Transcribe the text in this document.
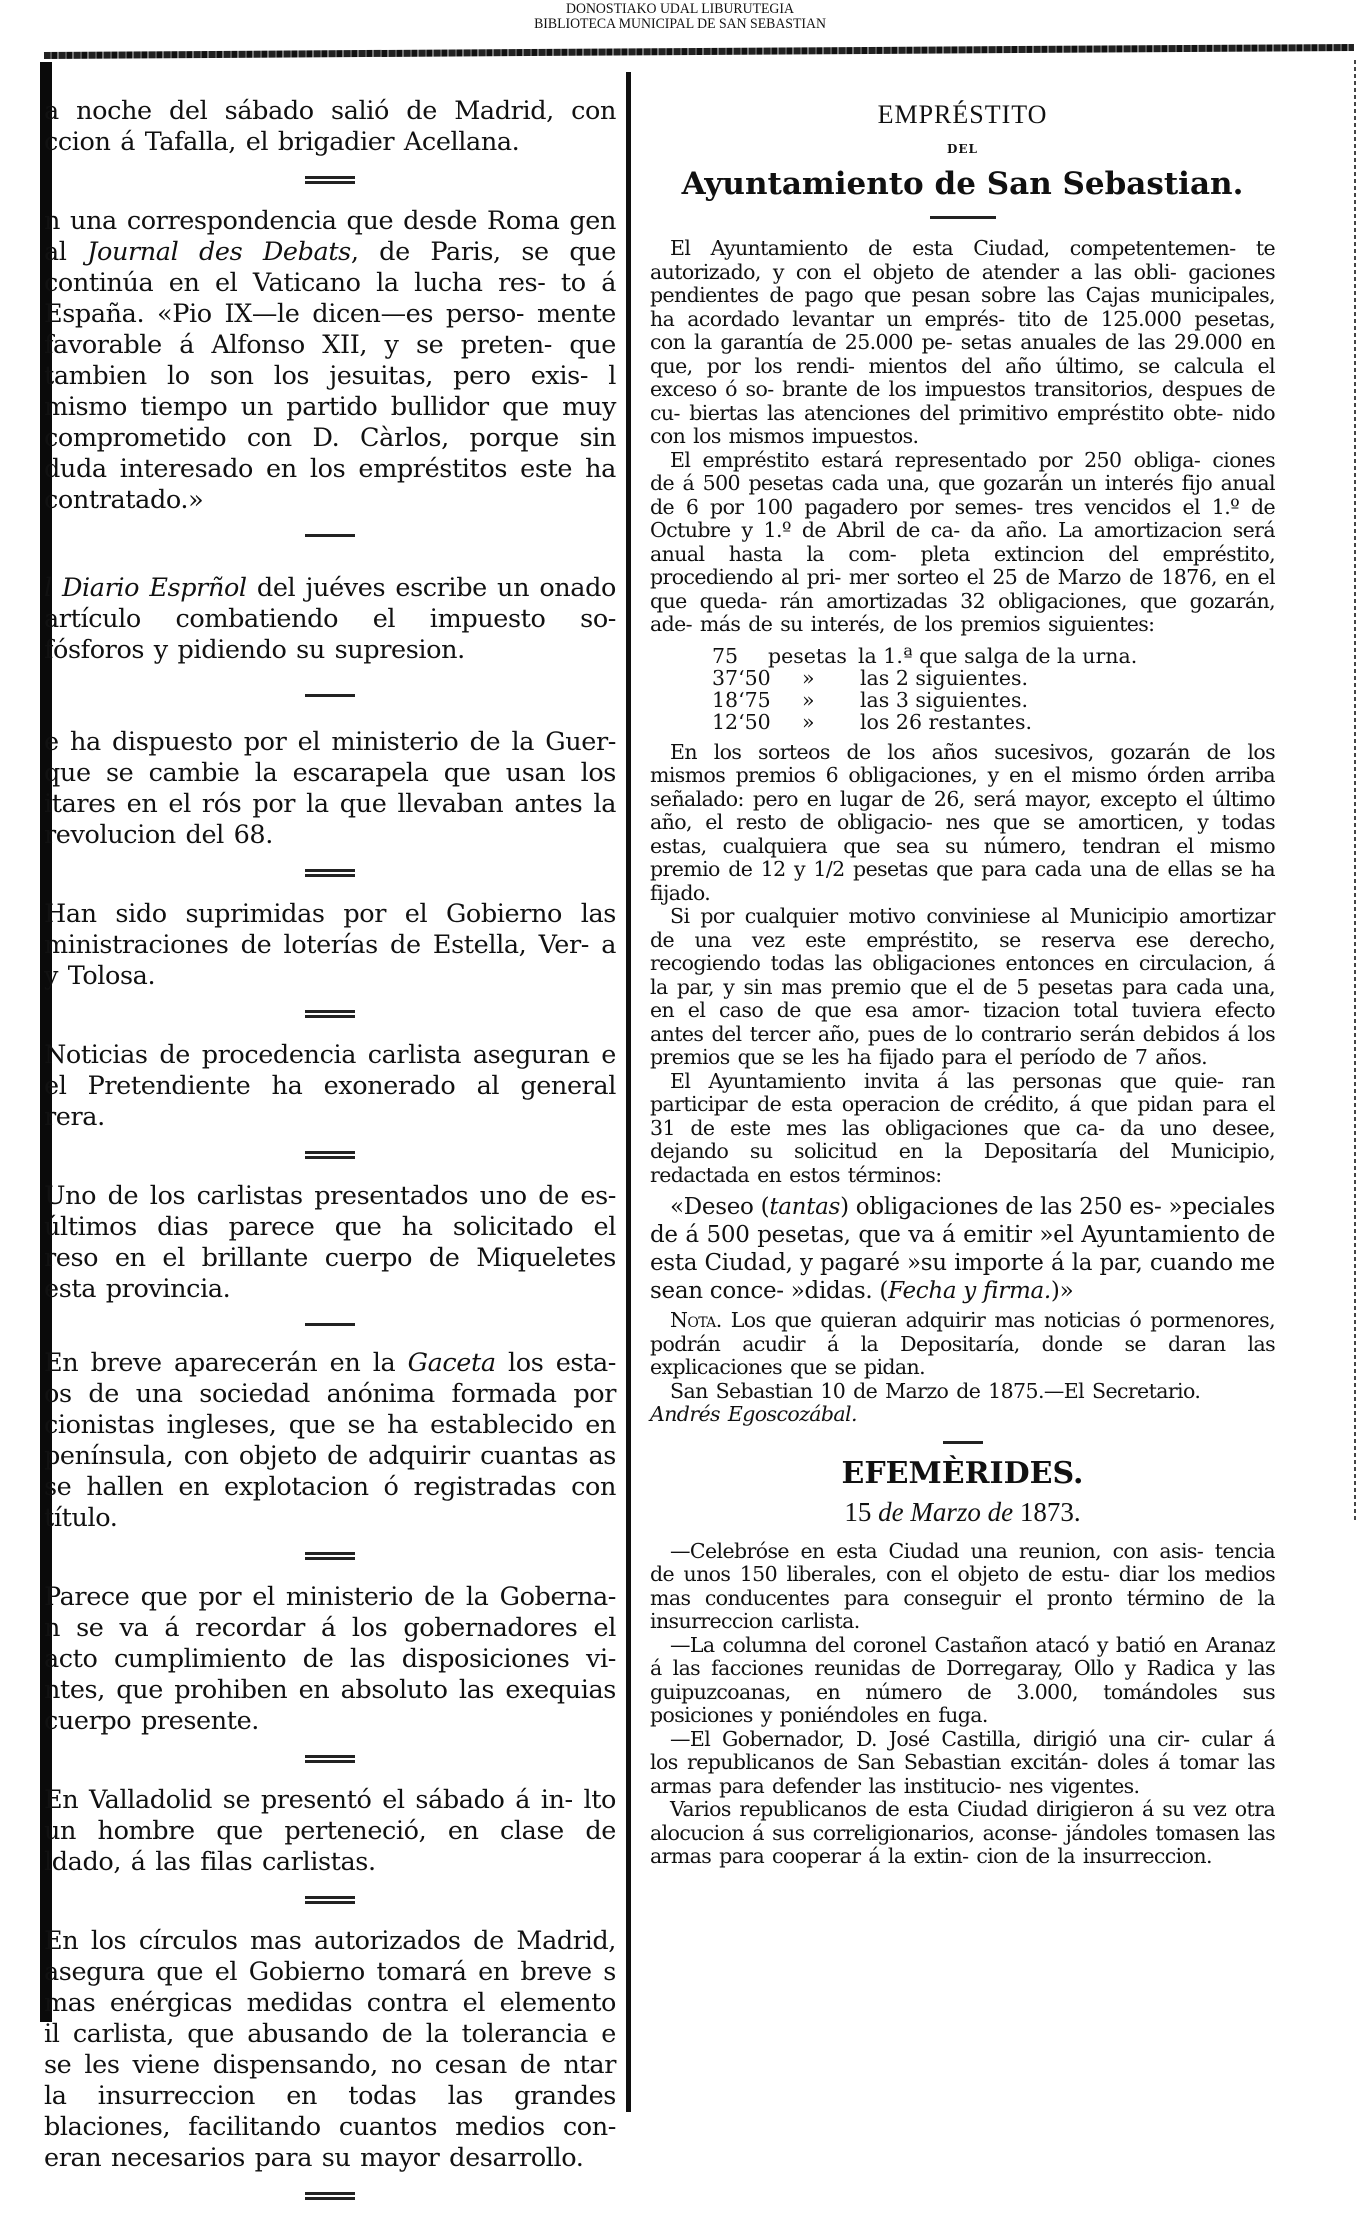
DONOSTIAKO UDAL LIBURUTEGIA
BIBLIOTECA MUNICIPAL DE SAN SEBASTIAN

a noche del sábado salió de Madrid, con ccion á Tafalla, el brigadier Acellana.

n una correspondencia que desde Roma gen al Journal des Debats, de Paris, se que continúa en el Vaticano la lucha res- to á España. «Pio IX—le dicen—es perso- mente favorable á Alfonso XII, y se preten- que tambien lo son los jesuitas, pero exis- l mismo tiempo un partido bullidor que muy comprometido con D. Càrlos, porque sin duda interesado en los empréstitos este ha contratado.»

l Diario Esprñol del juéves escribe un onado artículo combatiendo el impuesto so- fósforos y pidiendo su supresion.

e ha dispuesto por el ministerio de la Guer- que se cambie la escarapela que usan los itares en el rós por la que llevaban antes la revolucion del 68.

Han sido suprimidas por el Gobierno las ministraciones de loterías de Estella, Ver- a y Tolosa.

Noticias de procedencia carlista aseguran e el Pretendiente ha exonerado al general rera.

Uno de los carlistas presentados uno de es- últimos dias parece que ha solicitado el reso en el brillante cuerpo de Miqueletes esta provincia.

En breve aparecerán en la Gaceta los esta- os de una sociedad anónima formada por cionistas ingleses, que se ha establecido en península, con objeto de adquirir cuantas as se hallen en explotacion ó registradas con título.

Parece que por el ministerio de la Goberna- n se va á recordar á los gobernadores el acto cumplimiento de las disposiciones vi- ntes, que prohiben en absoluto las exequias cuerpo presente.

En Valladolid se presentó el sábado á in- lto un hombre que perteneció, en clase de ldado, á las filas carlistas.

En los círculos mas autorizados de Madrid, asegura que el Gobierno tomará en breve s mas enérgicas medidas contra el elemento il carlista, que abusando de la tolerancia e se les viene dispensando, no cesan de ntar la insurreccion en todas las grandes blaciones, facilitando cuantos medios con- eran necesarios para su mayor desarrollo.

EMPRÉSTITO
DEL
Ayuntamiento de San Sebastian.

El Ayuntamiento de esta Ciudad, competentemen- te autorizado, y con el objeto de atender a las obli- gaciones pendientes de pago que pesan sobre las Cajas municipales, ha acordado levantar un emprés- tito de 125.000 pesetas, con la garantía de 25.000 pe- setas anuales de las 29.000 en que, por los rendi- mientos del año último, se calcula el exceso ó so- brante de los impuestos transitorios, despues de cu- biertas las atenciones del primitivo empréstito obte- nido con los mismos impuestos.

El empréstito estará representado por 250 obliga- ciones de á 500 pesetas cada una, que gozarán un interés fijo anual de 6 por 100 pagadero por semes- tres vencidos el 1.º de Octubre y 1.º de Abril de ca- da año. La amortizacion será anual hasta la com- pleta extincion del empréstito, procediendo al pri- mer sorteo el 25 de Marzo de 1876, en el que queda- rán amortizadas 32 obligaciones, que gozarán, ade- más de su interés, de los premios siguientes:

75	pesetas la 1.ª que salga de la urna.
37‘50	»	las 2 siguientes.
18‘75	»	las 3 siguientes.
12‘50	»	los 26 restantes.

En los sorteos de los años sucesivos, gozarán de los mismos premios 6 obligaciones, y en el mismo órden arriba señalado: pero en lugar de 26, será mayor, excepto el último año, el resto de obligacio- nes que se amorticen, y todas estas, cualquiera que sea su número, tendran el mismo premio de 12 y 1/2 pesetas que para cada una de ellas se ha fijado.

Si por cualquier motivo conviniese al Municipio amortizar de una vez este empréstito, se reserva ese derecho, recogiendo todas las obligaciones entonces en circulacion, á la par, y sin mas premio que el de 5 pesetas para cada una, en el caso de que esa amor- tizacion total tuviera efecto antes del tercer año, pues de lo contrario serán debidos á los premios que se les ha fijado para el período de 7 años.

El Ayuntamiento invita á las personas que quie- ran participar de esta operacion de crédito, á que pidan para el 31 de este mes las obligaciones que ca- da uno desee, dejando su solicitud en la Depositaría del Municipio, redactada en estos términos:

«Deseo (tantas) obligaciones de las 250 es- »peciales de á 500 pesetas, que va á emitir »el Ayuntamiento de esta Ciudad, y pagaré »su importe á la par, cuando me sean conce- »didas. (Fecha y firma.)»

Nota. Los que quieran adquirir mas noticias ó pormenores, podrán acudir á la Depositaría, donde se daran las explicaciones que se pidan.

San Sebastian 10 de Marzo de 1875.—El Secretario.

Andrés Egoscozábal.

EFEMÈRIDES.
15 de Marzo de 1873.

—Celebróse en esta Ciudad una reunion, con asis- tencia de unos 150 liberales, con el objeto de estu- diar los medios mas conducentes para conseguir el pronto término de la insurreccion carlista.

—La columna del coronel Castañon atacó y batió en Aranaz á las facciones reunidas de Dorregaray, Ollo y Radica y las guipuzcoanas, en número de 3.000, tomándoles sus posiciones y poniéndoles en fuga.

—El Gobernador, D. José Castilla, dirigió una cir- cular á los republicanos de San Sebastian excitán- doles á tomar las armas para defender las institucio- nes vigentes.

Varios republicanos de esta Ciudad dirigieron á su vez otra alocucion á sus correligionarios, aconse- jándoles tomasen las armas para cooperar á la extin- cion de la insurreccion.
